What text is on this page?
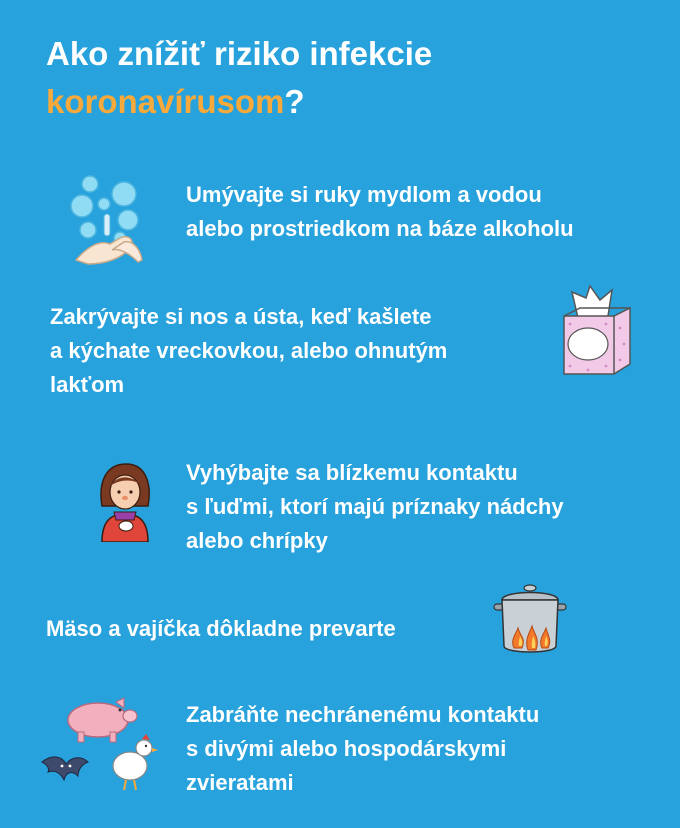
Ako znížiť riziko infekcie
koronavírusom?
Umývajte si ruky mydlom a vodou
alebo prostriedkom na báze alkoholu
Zakrývajte si nos a ústa, keď kašlete
a kýchate vreckovkou, alebo ohnutým
lakťom
Vyhýbajte sa blízkemu kontaktu
s ľuďmi, ktorí majú príznaky nádchy
alebo chrípky
Mäso a vajíčka dôkladne prevarte
Zabráňte nechránenému kontaktu
s divými alebo hospodárskymi
zvieratami
